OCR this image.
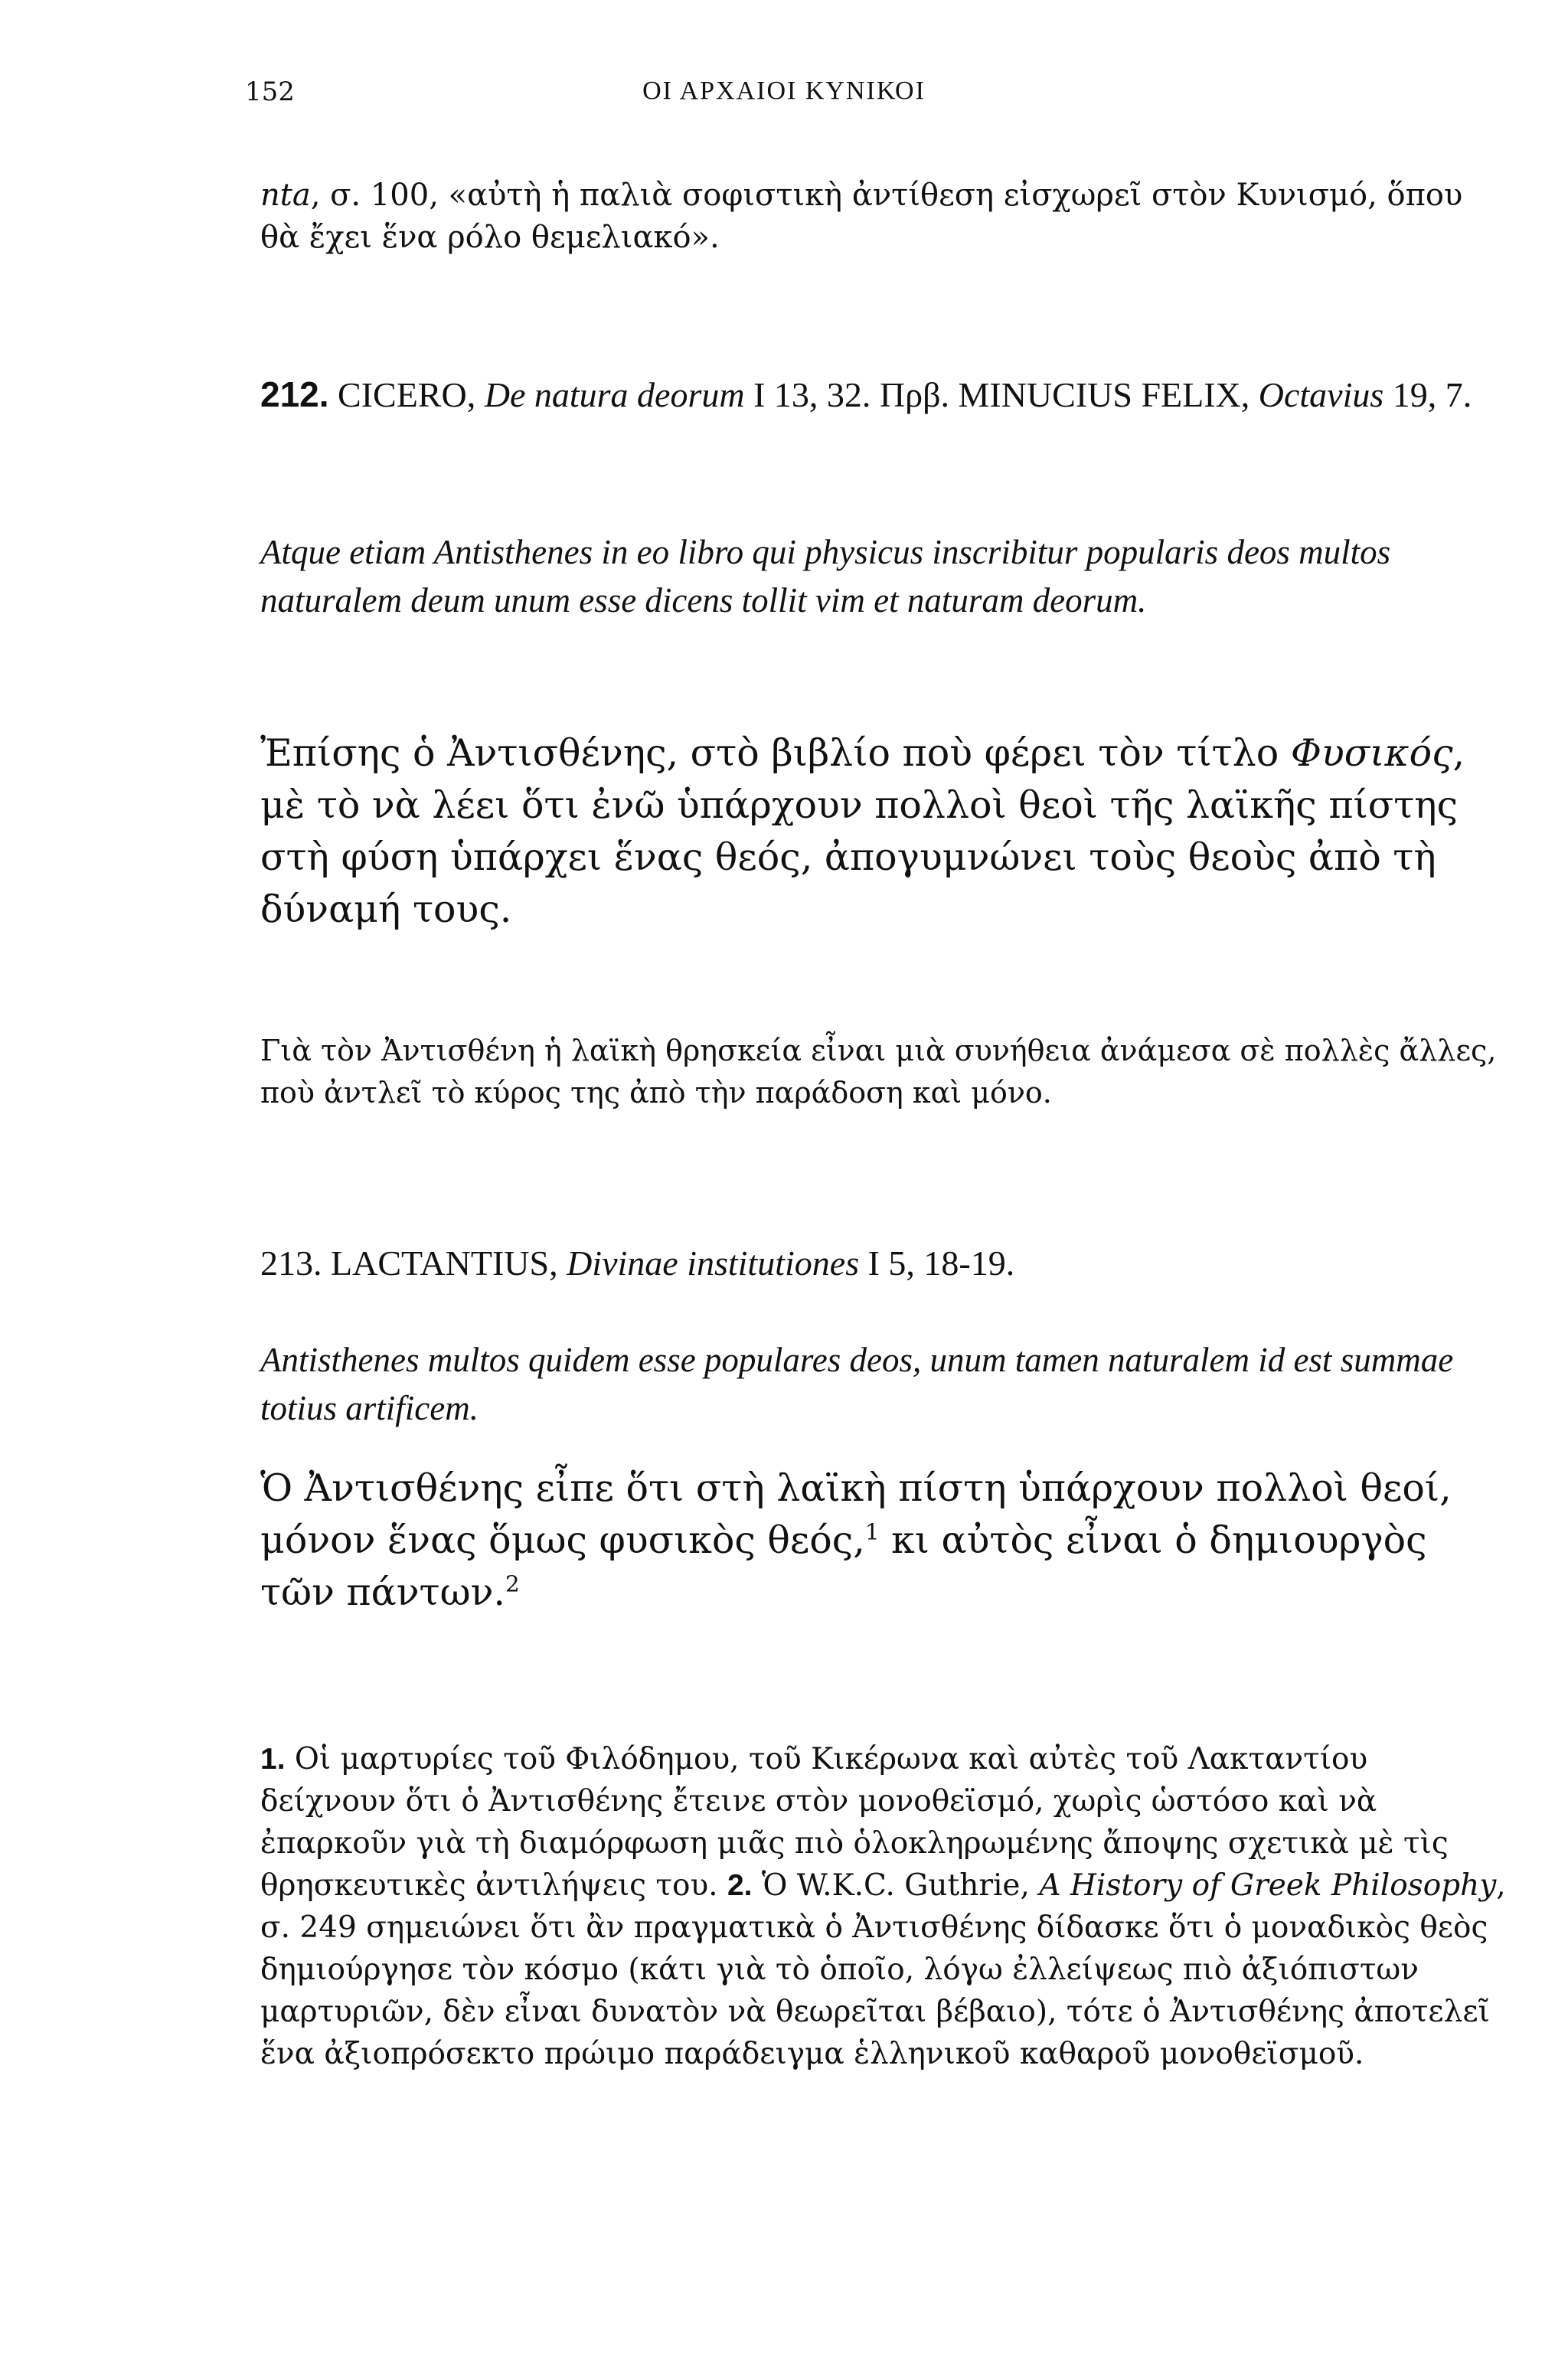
152	ΟΙ ΑΡΧΑΙΟΙ ΚΥΝΙΚΟΙ

nta, σ. 100, «αὐτὴ ἡ παλιὰ σοφιστικὴ ἀντίθεση εἰσχωρεῖ στὸν Κυνισμό, ὅπου θὰ ἔχει ἕνα ρόλο θεμελιακό».

212. CICERO, De natura deorum I 13, 32. Πρβ. MINUCIUS FELIX, Octavius 19, 7.

Atque etiam Antisthenes in eo libro qui physicus inscribitur popularis deos multos naturalem deum unum esse dicens tollit vim et naturam deorum.

Ἐπίσης ὁ Ἀντισθένης, στὸ βιβλίο ποὺ φέρει τὸν τίτλο Φυσικός, μὲ τὸ νὰ λέει ὅτι ἐνῶ ὑπάρχουν πολλοὶ θεοὶ τῆς λαϊκῆς πίστης στὴ φύση ὑπάρχει ἕνας θεός, ἀπογυμνώνει τοὺς θεοὺς ἀπὸ τὴ δύναμή τους.

Γιὰ τὸν Ἀντισθένη ἡ λαϊκὴ θρησκεία εἶναι μιὰ συνήθεια ἀνάμεσα σὲ πολλὲς ἄλλες, ποὺ ἀντλεῖ τὸ κύρος της ἀπὸ τὴν παράδοση καὶ μόνο.

213. LACTANTIUS, Divinae institutiones I 5, 18-19.

Antisthenes multos quidem esse populares deos, unum tamen naturalem id est summae totius artificem.

Ὁ Ἀντισθένης εἶπε ὅτι στὴ λαϊκὴ πίστη ὑπάρχουν πολλοὶ θεοί, μόνον ἕνας ὅμως φυσικὸς θεός,$^1$ κι αὐτὸς εἶναι ὁ δημιουργὸς τῶν πάντων.$^2$

1. Οἱ μαρτυρίες τοῦ Φιλόδημου, τοῦ Κικέρωνα καὶ αὐτὲς τοῦ Λακταντίου δείχνουν ὅτι ὁ Ἀντισθένης ἔτεινε στὸν μονοθεϊσμό, χωρὶς ὡστόσο καὶ νὰ ἐπαρκοῦν γιὰ τὴ διαμόρφωση μιᾶς πιὸ ὁλοκληρωμένης ἄποψης σχετικὰ μὲ τὶς θρησκευτικὲς ἀντιλήψεις του. 2. Ὁ W.K.C. Guthrie, A History of Greek Philosophy, σ. 249 σημειώνει ὅτι ἂν πραγματικὰ ὁ Ἀντισθένης δίδασκε ὅτι ὁ μοναδικὸς θεὸς δημιούργησε τὸν κόσμο (κάτι γιὰ τὸ ὁποῖο, λόγω ἐλλείψεως πιὸ ἀξιόπιστων μαρτυριῶν, δὲν εἶναι δυνατὸν νὰ θεωρεῖται βέβαιο), τότε ὁ Ἀντισθένης ἀποτελεῖ ἕνα ἀξιοπρόσεκτο πρώιμο παράδειγμα ἑλληνικοῦ καθαροῦ μονοθεϊσμοῦ.
